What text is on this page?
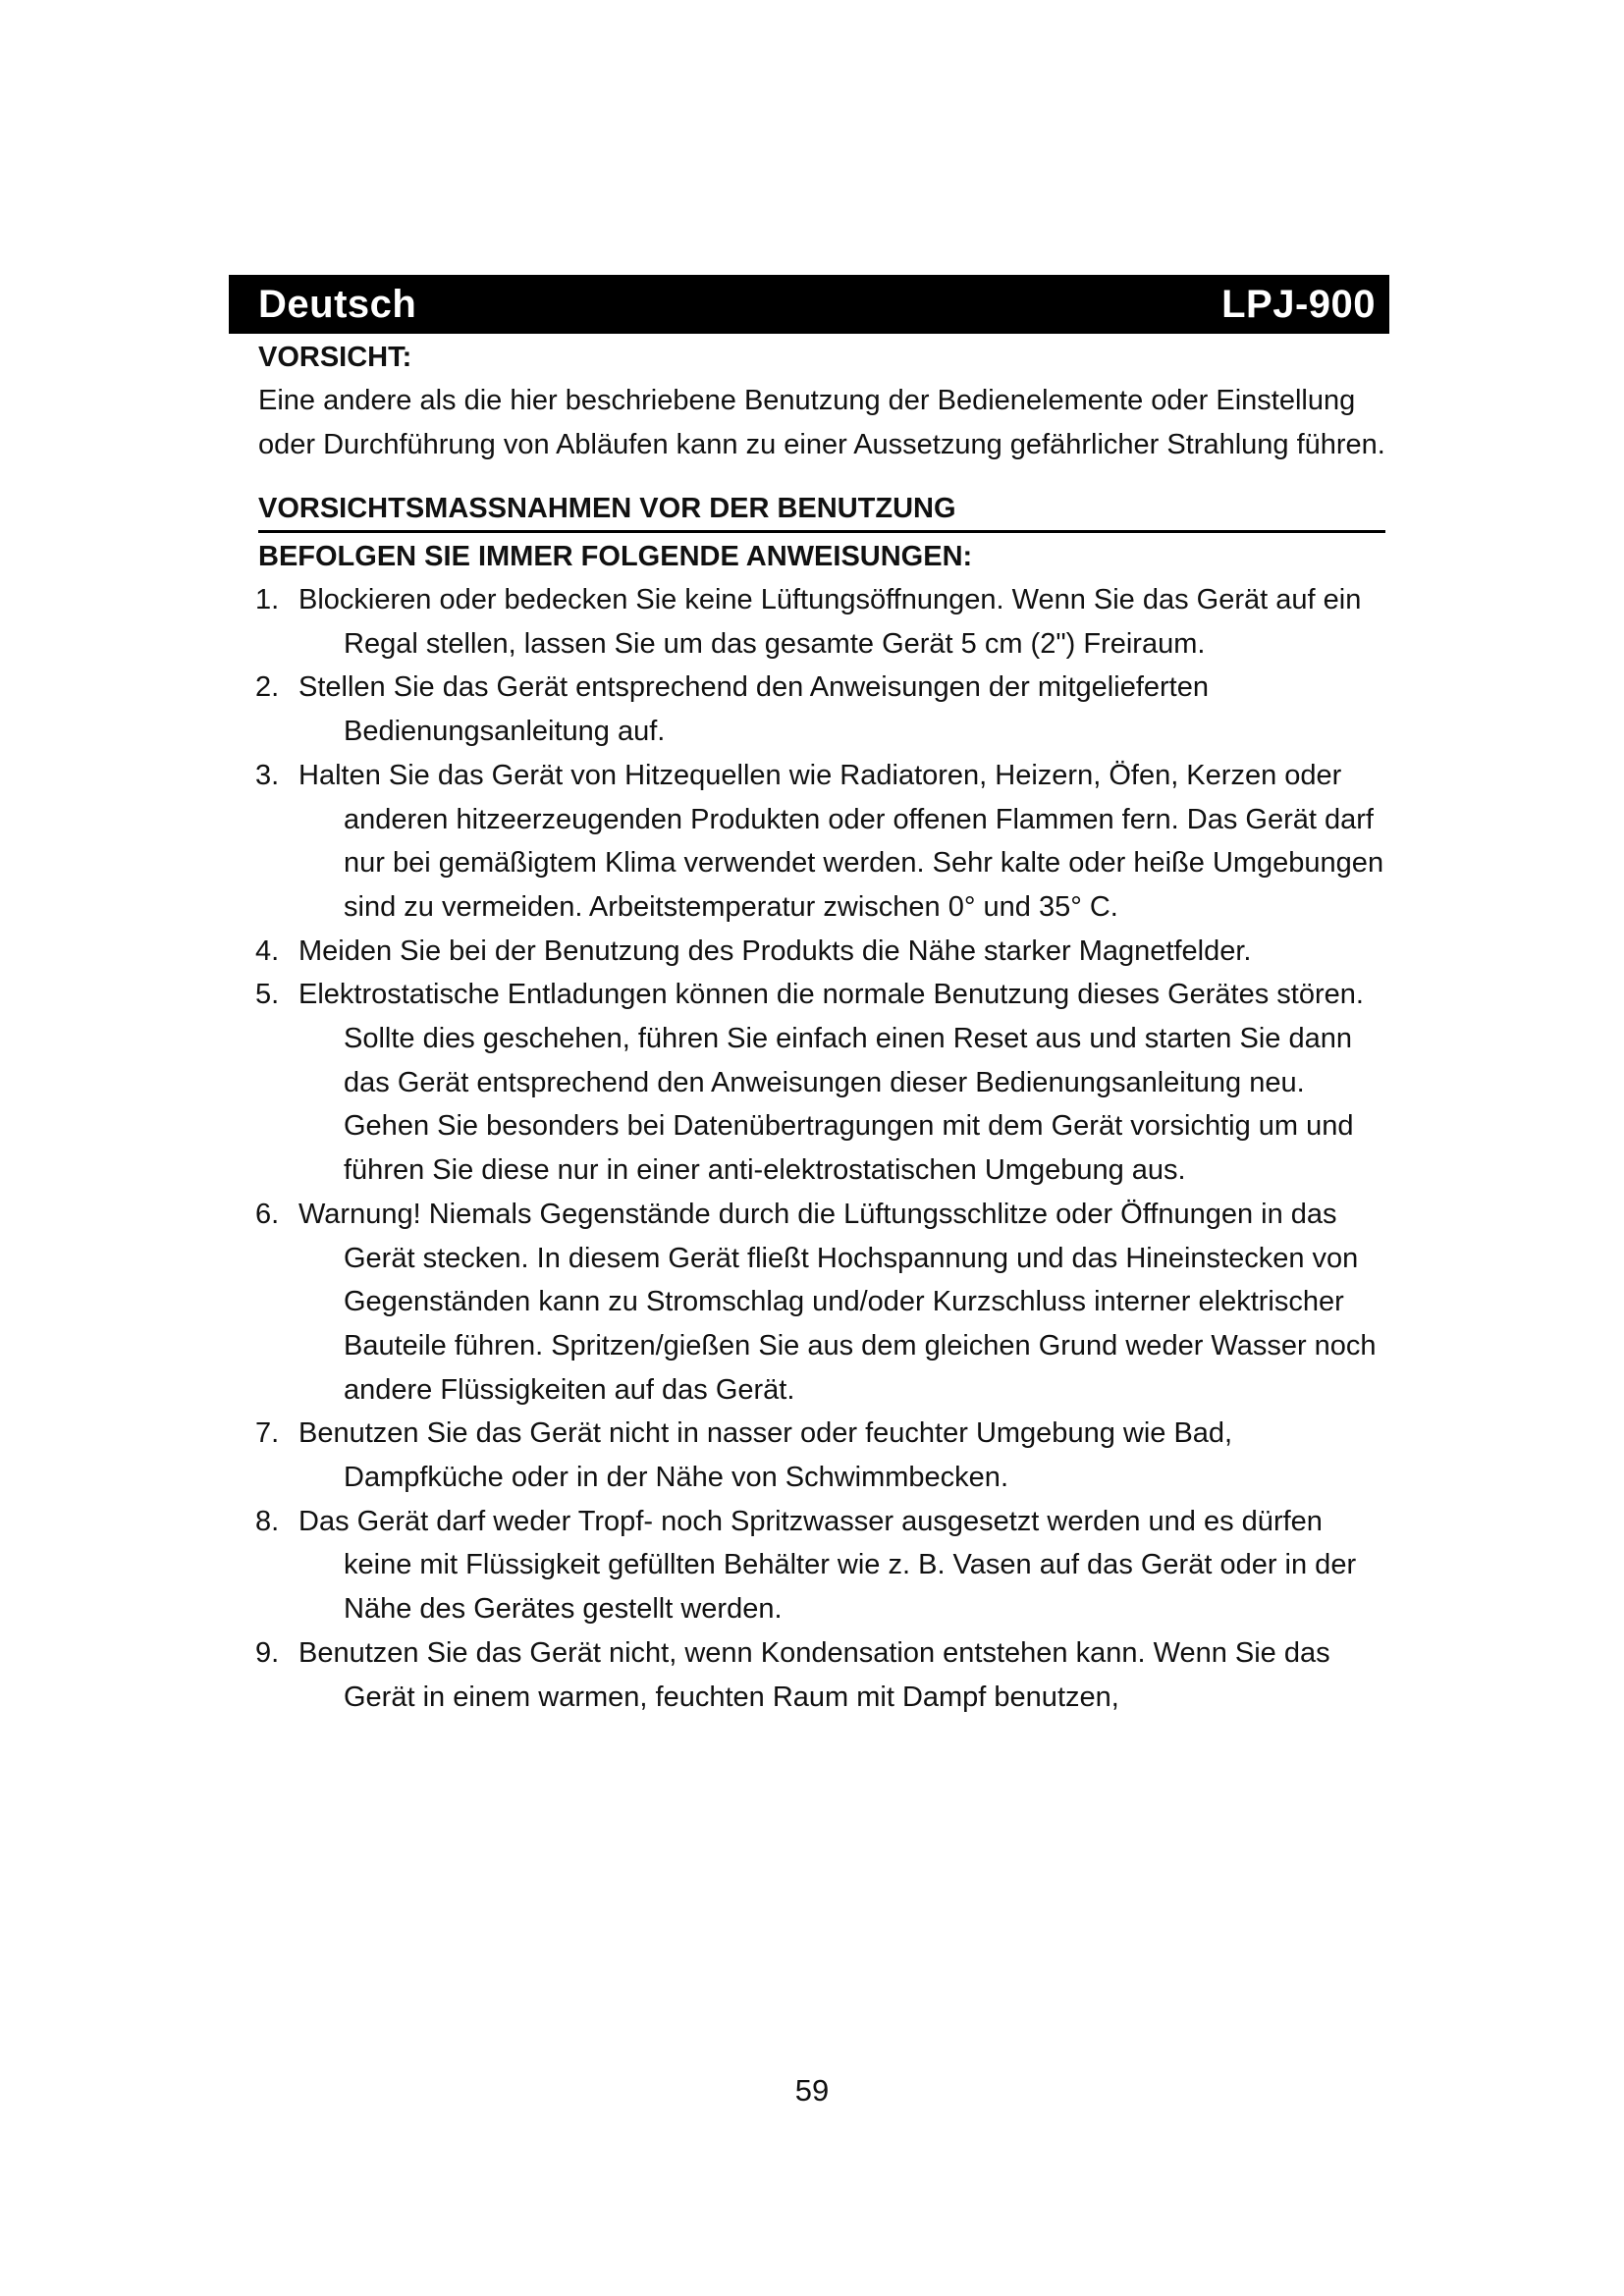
Deutsch	LPJ-900

VORSICHT:

Eine andere als die hier beschriebene Benutzung der Bedienelemente oder Einstellung oder Durchführung von Abläufen kann zu einer Aussetzung gefährlicher Strahlung führen.

VORSICHTSMASSNAHMEN VOR DER BENUTZUNG

BEFOLGEN SIE IMMER FOLGENDE ANWEISUNGEN:

1. Blockieren oder bedecken Sie keine Lüftungsöffnungen. Wenn Sie das Gerät auf ein Regal stellen, lassen Sie um das gesamte Gerät 5 cm (2") Freiraum.
2. Stellen Sie das Gerät entsprechend den Anweisungen der mitgelieferten Bedienungsanleitung auf.
3. Halten Sie das Gerät von Hitzequellen wie Radiatoren, Heizern, Öfen, Kerzen oder anderen hitzeerzeugenden Produkten oder offenen Flammen fern. Das Gerät darf nur bei gemäßigtem Klima verwendet werden. Sehr kalte oder heiße Umgebungen sind zu vermeiden. Arbeitstemperatur zwischen 0° und 35° C.
4. Meiden Sie bei der Benutzung des Produkts die Nähe starker Magnetfelder.
5. Elektrostatische Entladungen können die normale Benutzung dieses Gerätes stören. Sollte dies geschehen, führen Sie einfach einen Reset aus und starten Sie dann das Gerät entsprechend den Anweisungen dieser Bedienungsanleitung neu. Gehen Sie besonders bei Datenübertragungen mit dem Gerät vorsichtig um und führen Sie diese nur in einer anti-elektrostatischen Umgebung aus.
6. Warnung! Niemals Gegenstände durch die Lüftungsschlitze oder Öffnungen in das Gerät stecken. In diesem Gerät fließt Hochspannung und das Hineinstecken von Gegenständen kann zu Stromschlag und/oder Kurzschluss interner elektrischer Bauteile führen. Spritzen/gießen Sie aus dem gleichen Grund weder Wasser noch andere Flüssigkeiten auf das Gerät.
7. Benutzen Sie das Gerät nicht in nasser oder feuchter Umgebung wie Bad, Dampfküche oder in der Nähe von Schwimmbecken.
8. Das Gerät darf weder Tropf- noch Spritzwasser ausgesetzt werden und es dürfen keine mit Flüssigkeit gefüllten Behälter wie z. B. Vasen auf das Gerät oder in der Nähe des Gerätes gestellt werden.
9. Benutzen Sie das Gerät nicht, wenn Kondensation entstehen kann. Wenn Sie das Gerät in einem warmen, feuchten Raum mit Dampf benutzen,
59
